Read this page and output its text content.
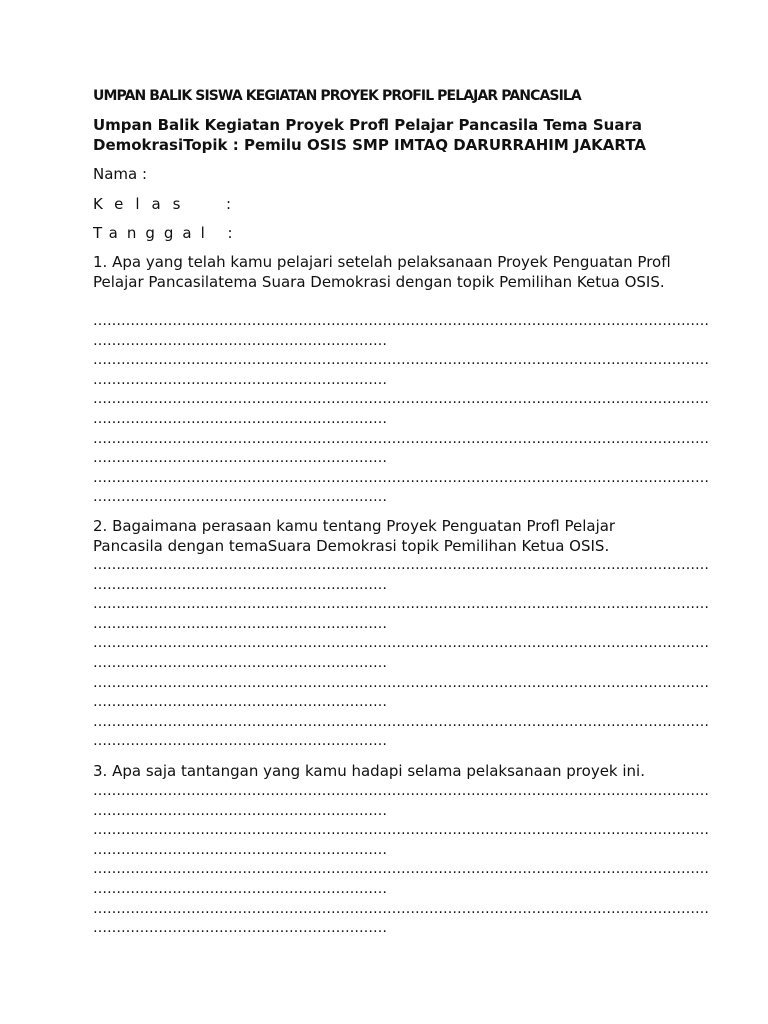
UMPAN BALIK SISWA KEGIATAN PROYEK PROFIL PELAJAR PANCASILA
Umpan Balik Kegiatan Proyek Profl Pelajar Pancasila Tema Suara DemokrasiTopik : Pemilu OSIS SMP IMTAQ DARURRAHIM JAKARTA
Nama :
Kelas  :
Tanggal :
1. Apa yang telah kamu pelajari setelah pelaksanaan Proyek Penguatan Profl Pelajar Pancasilatema Suara Demokrasi dengan topik Pemilihan Ketua OSIS.
……………………………………………………………………………………………………………………
………………………………………………………
……………………………………………………………………………………………………………………
………………………………………………………
……………………………………………………………………………………………………………………
………………………………………………………
……………………………………………………………………………………………………………………
………………………………………………………
……………………………………………………………………………………………………………………
………………………………………………………
2. Bagaimana perasaan kamu tentang Proyek Penguatan Profl Pelajar Pancasila dengan temaSuara Demokrasi topik Pemilihan Ketua OSIS.
……………………………………………………………………………………………………………………
………………………………………………………
……………………………………………………………………………………………………………………
………………………………………………………
……………………………………………………………………………………………………………………
………………………………………………………
……………………………………………………………………………………………………………………
………………………………………………………
……………………………………………………………………………………………………………………
………………………………………………………
3. Apa saja tantangan yang kamu hadapi selama pelaksanaan proyek ini.
……………………………………………………………………………………………………………………
………………………………………………………
……………………………………………………………………………………………………………………
………………………………………………………
……………………………………………………………………………………………………………………
………………………………………………………
……………………………………………………………………………………………………………………
………………………………………………………
